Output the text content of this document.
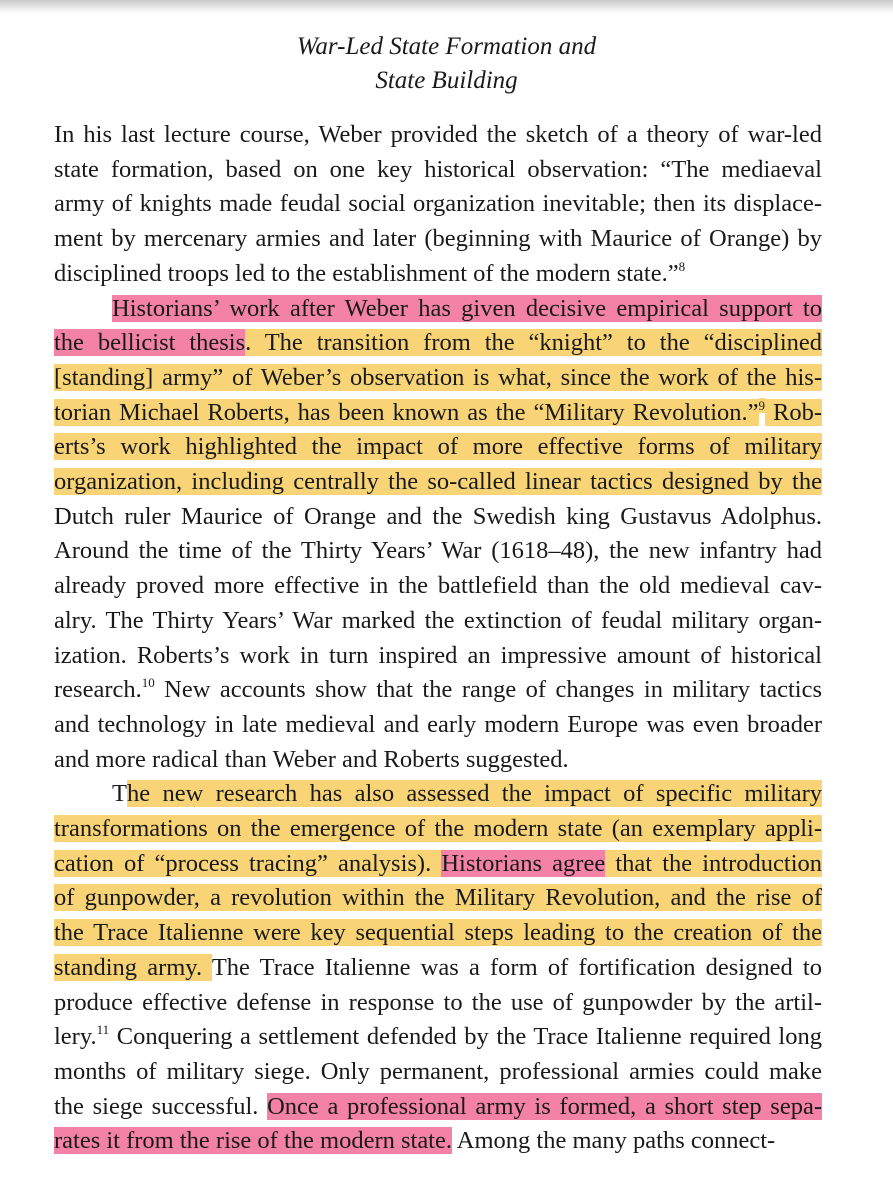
War-Led State Formation and
State Building
In his last lecture course, Weber provided the sketch of a theory of war-led
state formation, based on one key historical observation: “The mediaeval
army of knights made feudal social organization inevitable; then its displace-
ment by mercenary armies and later (beginning with Maurice of Orange) by
disciplined troops led to the establishment of the modern state.”$^8$
Historians’ work after Weber has given decisive empirical support to
the bellicist thesis. The transition from the “knight” to the “disciplined
[standing] army” of Weber’s observation is what, since the work of the his-
torian Michael Roberts, has been known as the “Military Revolution.”$^9$ Rob-
erts’s work highlighted the impact of more effective forms of military
organization, including centrally the so-called linear tactics designed by the
Dutch ruler Maurice of Orange and the Swedish king Gustavus Adolphus.
Around the time of the Thirty Years’ War (1618–48), the new infantry had
already proved more effective in the battlefield than the old medieval cav-
alry. The Thirty Years’ War marked the extinction of feudal military organ-
ization. Roberts’s work in turn inspired an impressive amount of historical
research.$^{10}$ New accounts show that the range of changes in military tactics
and technology in late medieval and early modern Europe was even broader
and more radical than Weber and Roberts suggested.
The new research has also assessed the impact of specific military
transformations on the emergence of the modern state (an exemplary appli-
cation of “process tracing” analysis). Historians agree that the introduction
of gunpowder, a revolution within the Military Revolution, and the rise of
the Trace Italienne were key sequential steps leading to the creation of the
standing army. The Trace Italienne was a form of fortification designed to
produce effective defense in response to the use of gunpowder by the artil-
lery.$^{11}$ Conquering a settlement defended by the Trace Italienne required long
months of military siege. Only permanent, professional armies could make
the siege successful. Once a professional army is formed, a short step sepa-
rates it from the rise of the modern state. Among the many paths connect-
